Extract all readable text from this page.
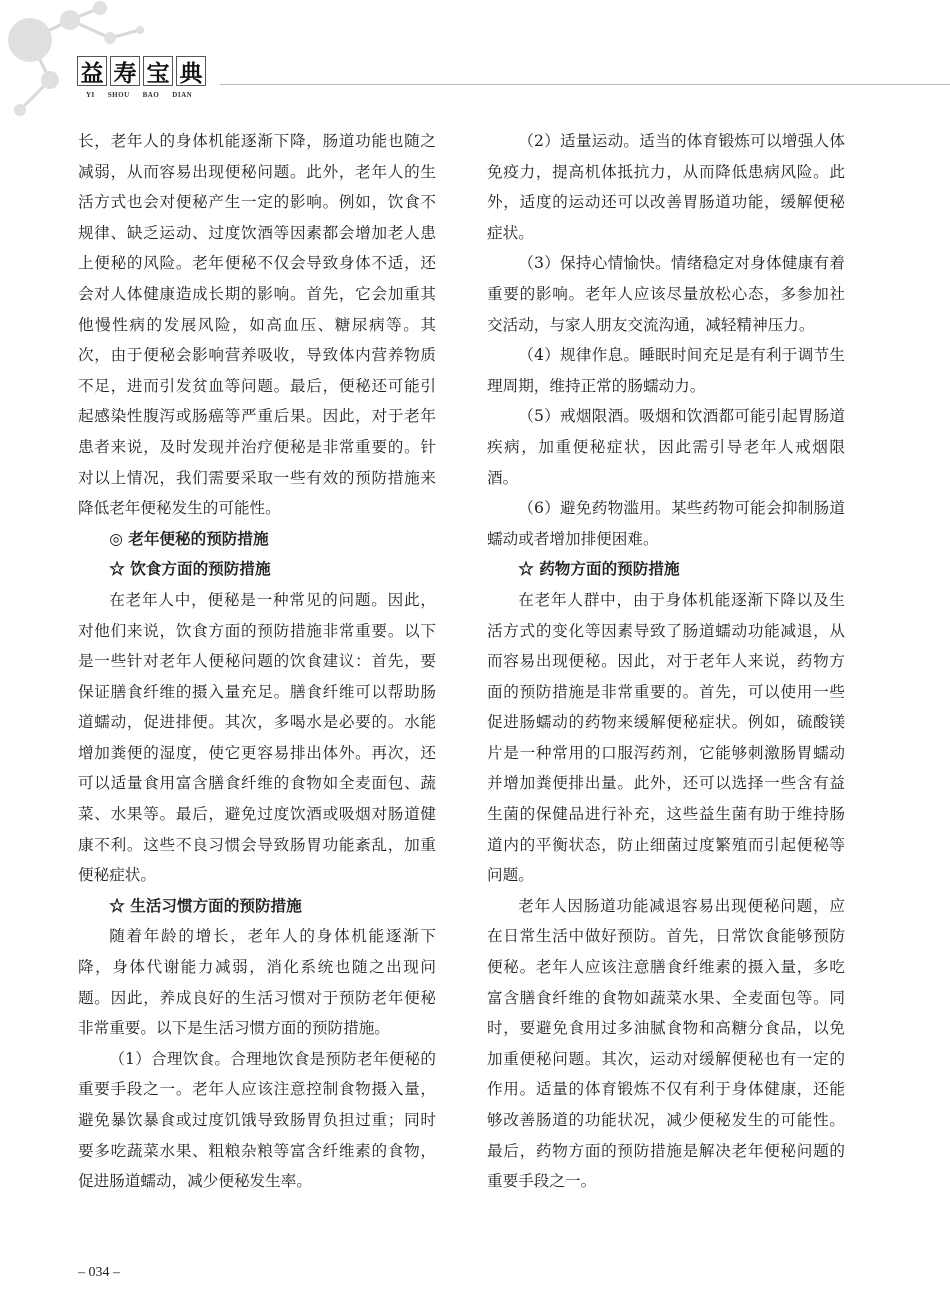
益 寿 宝 典
YI SHOU BAO DIAN

长，老年人的身体机能逐渐下降，肠道功能也随之减弱，从而容易出现便秘问题。此外，老年人的生活方式也会对便秘产生一定的影响。例如，饮食不规律、缺乏运动、过度饮酒等因素都会增加老人患上便秘的风险。老年便秘不仅会导致身体不适，还会对人体健康造成长期的影响。首先，它会加重其他慢性病的发展风险，如高血压、糖尿病等。其次，由于便秘会影响营养吸收，导致体内营养物质不足，进而引发贫血等问题。最后，便秘还可能引起感染性腹泻或肠癌等严重后果。因此，对于老年患者来说，及时发现并治疗便秘是非常重要的。针对以上情况，我们需要采取一些有效的预防措施来降低老年便秘发生的可能性。

◎ 老年便秘的预防措施

☆ 饮食方面的预防措施

在老年人中，便秘是一种常见的问题。因此，对他们来说，饮食方面的预防措施非常重要。以下是一些针对老年人便秘问题的饮食建议：首先，要保证膳食纤维的摄入量充足。膳食纤维可以帮助肠道蠕动，促进排便。其次，多喝水是必要的。水能增加粪便的湿度，使它更容易排出体外。再次，还可以适量食用富含膳食纤维的食物如全麦面包、蔬菜、水果等。最后，避免过度饮酒或吸烟对肠道健康不利。这些不良习惯会导致肠胃功能紊乱，加重便秘症状。

☆ 生活习惯方面的预防措施

随着年龄的增长，老年人的身体机能逐渐下降，身体代谢能力减弱，消化系统也随之出现问题。因此，养成良好的生活习惯对于预防老年便秘非常重要。以下是生活习惯方面的预防措施。

（1）合理饮食。合理地饮食是预防老年便秘的重要手段之一。老年人应该注意控制食物摄入量，避免暴饮暴食或过度饥饿导致肠胃负担过重；同时要多吃蔬菜水果、粗粮杂粮等富含纤维素的食物，促进肠道蠕动，减少便秘发生率。

（2）适量运动。适当的体育锻炼可以增强人体免疫力，提高机体抵抗力，从而降低患病风险。此外，适度的运动还可以改善胃肠道功能，缓解便秘症状。

（3）保持心情愉快。情绪稳定对身体健康有着重要的影响。老年人应该尽量放松心态，多参加社交活动，与家人朋友交流沟通，减轻精神压力。

（4）规律作息。睡眠时间充足是有利于调节生理周期，维持正常的肠蠕动力。

（5）戒烟限酒。吸烟和饮酒都可能引起胃肠道疾病，加重便秘症状，因此需引导老年人戒烟限酒。

（6）避免药物滥用。某些药物可能会抑制肠道蠕动或者增加排便困难。

☆ 药物方面的预防措施

在老年人群中，由于身体机能逐渐下降以及生活方式的变化等因素导致了肠道蠕动功能减退，从而容易出现便秘。因此，对于老年人来说，药物方面的预防措施是非常重要的。首先，可以使用一些促进肠蠕动的药物来缓解便秘症状。例如，硫酸镁片是一种常用的口服泻药剂，它能够刺激肠胃蠕动并增加粪便排出量。此外，还可以选择一些含有益生菌的保健品进行补充，这些益生菌有助于维持肠道内的平衡状态，防止细菌过度繁殖而引起便秘等问题。

老年人因肠道功能减退容易出现便秘问题，应在日常生活中做好预防。首先，日常饮食能够预防便秘。老年人应该注意膳食纤维素的摄入量，多吃富含膳食纤维的食物如蔬菜水果、全麦面包等。同时，要避免食用过多油腻食物和高糖分食品，以免加重便秘问题。其次，运动对缓解便秘也有一定的作用。适量的体育锻炼不仅有利于身体健康，还能够改善肠道的功能状况，减少便秘发生的可能性。最后，药物方面的预防措施是解决老年便秘问题的重要手段之一。

– 034 –
